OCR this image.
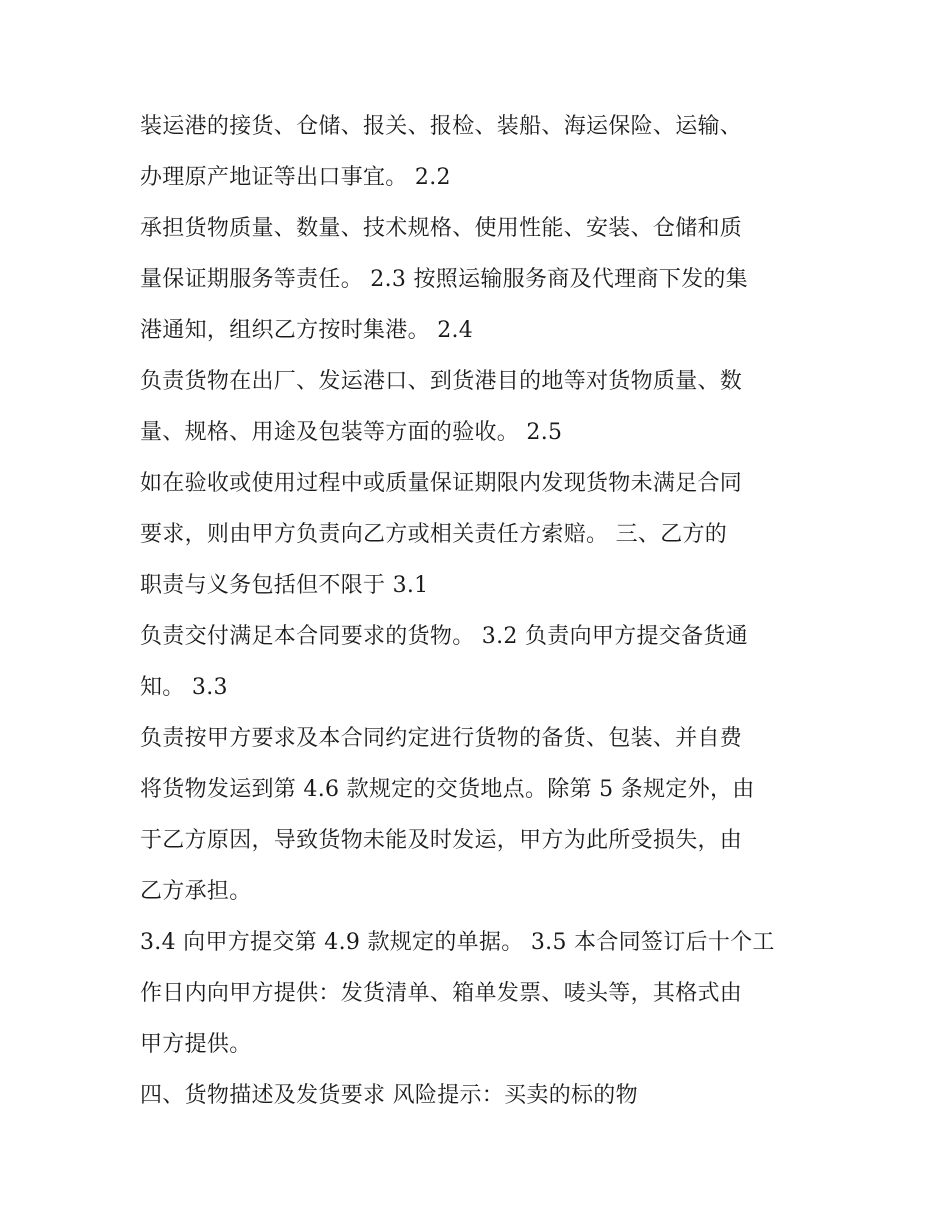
装运港的接货、仓储、报关、报检、装船、海运保险、运输、
办理原产地证等出口事宜。 2.2
承担货物质量、数量、技术规格、使用性能、安装、仓储和质
量保证期服务等责任。 2.3 按照运输服务商及代理商下发的集
港通知，组织乙方按时集港。 2.4
负责货物在出厂、发运港口、到货港目的地等对货物质量、数
量、规格、用途及包装等方面的验收。 2.5
如在验收或使用过程中或质量保证期限内发现货物未满足合同
要求，则由甲方负责向乙方或相关责任方索赔。 三、乙方的
职责与义务包括但不限于 3.1
负责交付满足本合同要求的货物。 3.2 负责向甲方提交备货通
知。 3.3
负责按甲方要求及本合同约定进行货物的备货、包装、并自费
将货物发运到第 4.6 款规定的交货地点。除第 5 条规定外，由
于乙方原因，导致货物未能及时发运，甲方为此所受损失，由
乙方承担。
3.4 向甲方提交第 4.9 款规定的单据。 3.5 本合同签订后十个工
作日内向甲方提供：发货清单、箱单发票、唛头等，其格式由
甲方提供。
四、货物描述及发货要求 风险提示：买卖的标的物
